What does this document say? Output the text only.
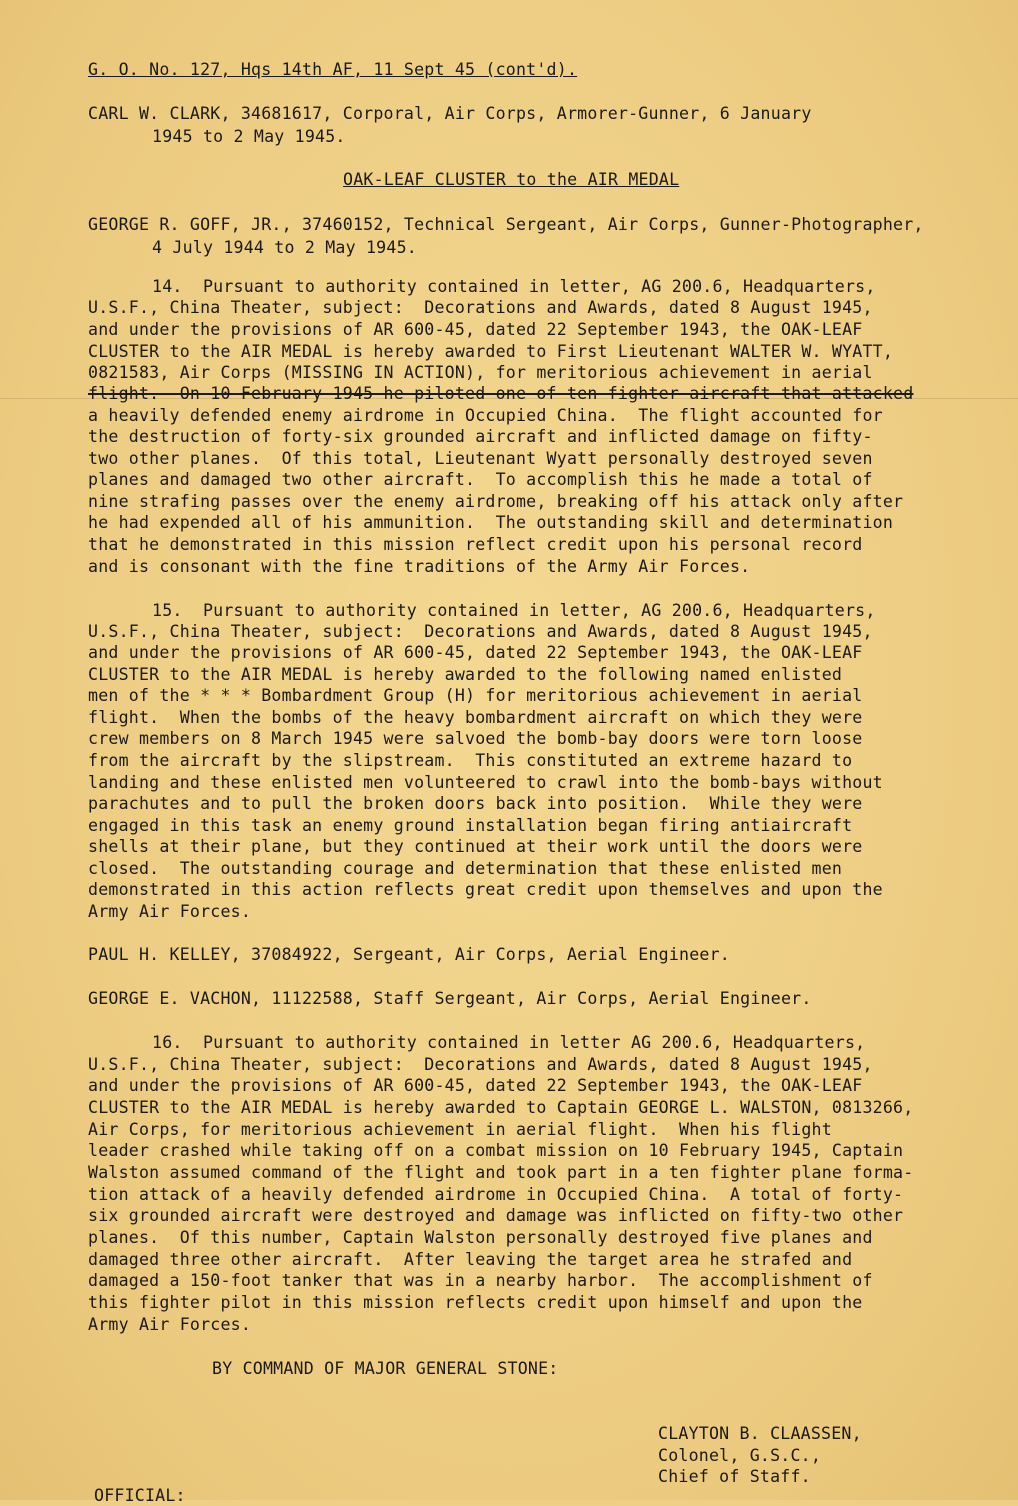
G. O. No. 127, Hqs 14th AF, 11 Sept 45 (cont'd).
CARL W. CLARK, 34681617, Corporal, Air Corps, Armorer-Gunner, 6 January
1945 to 2 May 1945.
OAK-LEAF CLUSTER to the AIR MEDAL
GEORGE R. GOFF, JR., 37460152, Technical Sergeant, Air Corps, Gunner-Photographer,
4 July 1944 to 2 May 1945.
14.  Pursuant to authority contained in letter, AG 200.6, Headquarters,
U.S.F., China Theater, subject:  Decorations and Awards, dated 8 August 1945,
and under the provisions of AR 600-45, dated 22 September 1943, the OAK-LEAF
CLUSTER to the AIR MEDAL is hereby awarded to First Lieutenant WALTER W. WYATT,
0821583, Air Corps (MISSING IN ACTION), for meritorious achievement in aerial
flight.  On 10 February 1945 he piloted one of ten fighter aircraft that attacked
a heavily defended enemy airdrome in Occupied China.  The flight accounted for
the destruction of forty-six grounded aircraft and inflicted damage on fifty-
two other planes.  Of this total, Lieutenant Wyatt personally destroyed seven
planes and damaged two other aircraft.  To accomplish this he made a total of
nine strafing passes over the enemy airdrome, breaking off his attack only after
he had expended all of his ammunition.  The outstanding skill and determination
that he demonstrated in this mission reflect credit upon his personal record
and is consonant with the fine traditions of the Army Air Forces.
15.  Pursuant to authority contained in letter, AG 200.6, Headquarters,
U.S.F., China Theater, subject:  Decorations and Awards, dated 8 August 1945,
and under the provisions of AR 600-45, dated 22 September 1943, the OAK-LEAF
CLUSTER to the AIR MEDAL is hereby awarded to the following named enlisted
men of the * * * Bombardment Group (H) for meritorious achievement in aerial
flight.  When the bombs of the heavy bombardment aircraft on which they were
crew members on 8 March 1945 were salvoed the bomb-bay doors were torn loose
from the aircraft by the slipstream.  This constituted an extreme hazard to
landing and these enlisted men volunteered to crawl into the bomb-bays without
parachutes and to pull the broken doors back into position.  While they were
engaged in this task an enemy ground installation began firing antiaircraft
shells at their plane, but they continued at their work until the doors were
closed.  The outstanding courage and determination that these enlisted men
demonstrated in this action reflects great credit upon themselves and upon the
Army Air Forces.
PAUL H. KELLEY, 37084922, Sergeant, Air Corps, Aerial Engineer.
GEORGE E. VACHON, 11122588, Staff Sergeant, Air Corps, Aerial Engineer.
16.  Pursuant to authority contained in letter AG 200.6, Headquarters,
U.S.F., China Theater, subject:  Decorations and Awards, dated 8 August 1945,
and under the provisions of AR 600-45, dated 22 September 1943, the OAK-LEAF
CLUSTER to the AIR MEDAL is hereby awarded to Captain GEORGE L. WALSTON, 0813266,
Air Corps, for meritorious achievement in aerial flight.  When his flight
leader crashed while taking off on a combat mission on 10 February 1945, Captain
Walston assumed command of the flight and took part in a ten fighter plane forma-
tion attack of a heavily defended airdrome in Occupied China.  A total of forty-
six grounded aircraft were destroyed and damage was inflicted on fifty-two other
planes.  Of this number, Captain Walston personally destroyed five planes and
damaged three other aircraft.  After leaving the target area he strafed and
damaged a 150-foot tanker that was in a nearby harbor.  The accomplishment of
this fighter pilot in this mission reflects credit upon himself and upon the
Army Air Forces.
BY COMMAND OF MAJOR GENERAL STONE:
CLAYTON B. CLAASSEN,
Colonel, G.S.C.,
Chief of Staff.
OFFICIAL:
